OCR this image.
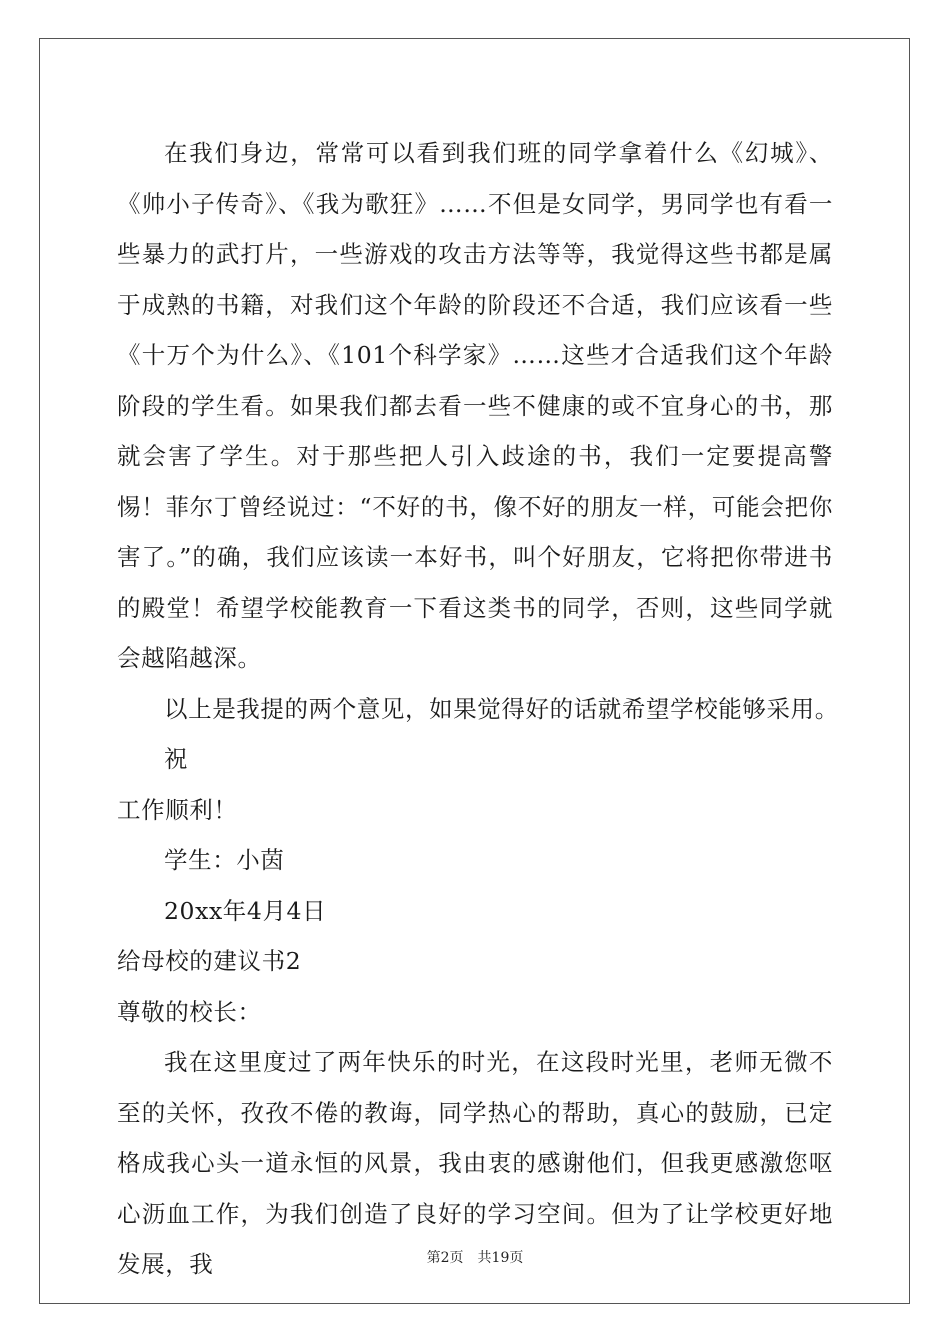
在我们身边，常常可以看到我们班的同学拿着什么《幻城》、《帅小子传奇》、《我为歌狂》……不但是女同学，男同学也有看一些暴力的武打片，一些游戏的攻击方法等等，我觉得这些书都是属于成熟的书籍，对我们这个年龄的阶段还不合适，我们应该看一些《十万个为什么》、《101个科学家》……这些才合适我们这个年龄阶段的学生看。如果我们都去看一些不健康的或不宜身心的书，那就会害了学生。对于那些把人引入歧途的书，我们一定要提高警惕！菲尔丁曾经说过：“不好的书，像不好的朋友一样，可能会把你害了。”的确，我们应该读一本好书，叫个好朋友，它将把你带进书的殿堂！希望学校能教育一下看这类书的同学，否则，这些同学就会越陷越深。

以上是我提的两个意见，如果觉得好的话就希望学校能够采用。

祝

工作顺利！

学生：小茵

20xx年4月4日

给母校的建议书2

尊敬的校长：

我在这里度过了两年快乐的时光，在这段时光里，老师无微不至的关怀，孜孜不倦的教诲，同学热心的帮助，真心的鼓励，已定格成我心头一道永恒的风景，我由衷的感谢他们，但我更感激您呕心沥血工作，为我们创造了良好的学习空间。但为了让学校更好地发展，我	第2页 共19页
